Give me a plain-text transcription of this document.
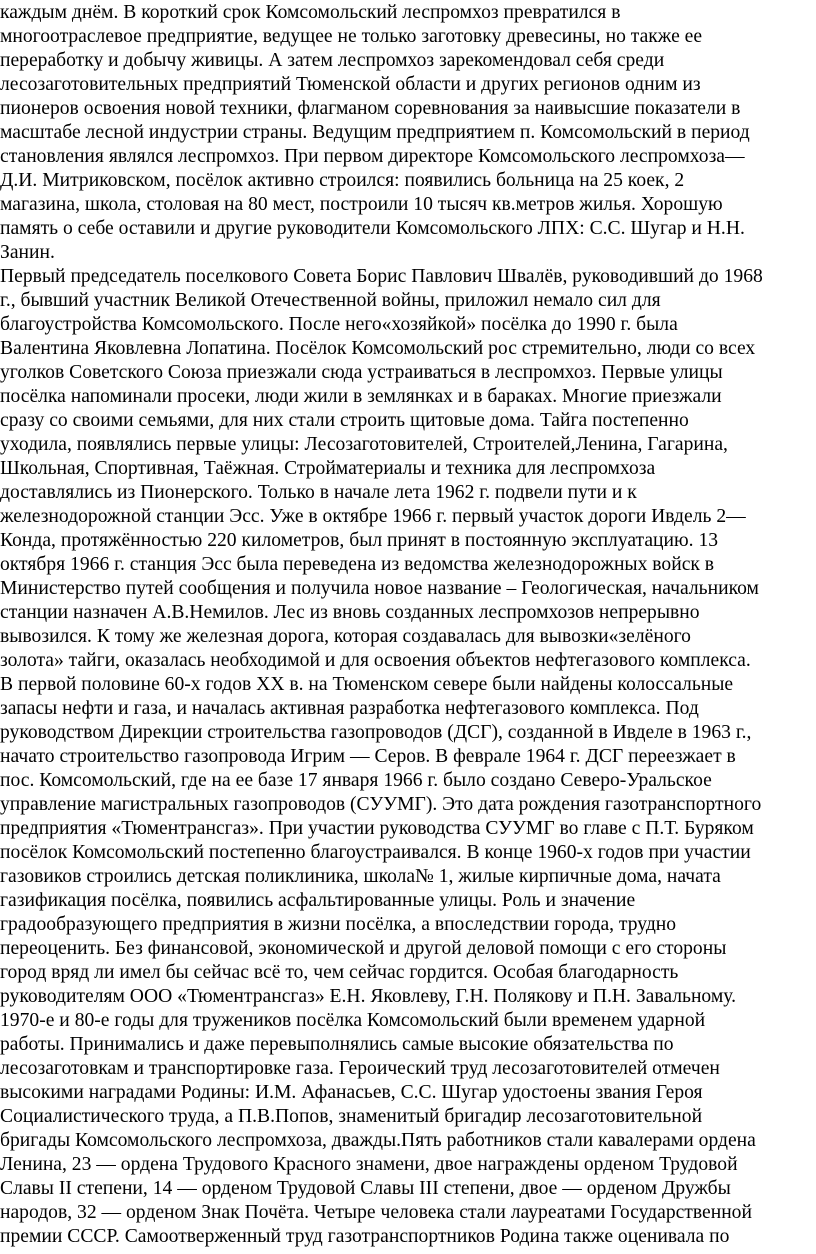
каждым днём. В короткий срок Комсомольский леспромхоз превратился в
многоотраслевое предприятие, ведущее не только заготовку древесины, но также ее
переработку и добычу живицы. А затем леспромхоз зарекомендовал себя среди
лесозаготовительных предприятий Тюменской области и других регионов одним из
пионеров освоения новой техники, флагманом соревнования за наивысшие показатели в
масштабе лесной индустрии страны. Ведущим предприятием п. Комсомольский в период
становления являлся леспромхоз. При первом директоре Комсомольского леспромхоза—
Д.И. Митриковском, посёлок активно строился: появились больница на 25 коек, 2
магазина, школа, столовая на 80 мест, построили 10 тысяч кв.метров жилья. Хорошую
память о себе оставили и другие руководители Комсомольского ЛПХ: С.С. Шугар и Н.Н.
Занин.
Первый председатель поселкового Совета Борис Павлович Швалёв, руководивший до 1968
г., бывший участник Великой Отечественной войны, приложил немало сил для
благоустройства Комсомольского. После него«хозяйкой» посёлка до 1990 г. была
Валентина Яковлевна Лопатина. Посёлок Комсомольский рос стремительно, люди со всех
уголков Советского Союза приезжали сюда устраиваться в леспромхоз. Первые улицы
посёлка напоминали просеки, люди жили в землянках и в бараках. Многие приезжали
сразу со своими семьями, для них стали строить щитовые дома. Тайга постепенно
уходила, появлялись первые улицы: Лесозаготовителей, Строителей,Ленина, Гагарина,
Школьная, Спортивная, Таёжная. Стройматериалы и техника для леспромхоза
доставлялись из Пионерского. Только в начале лета 1962 г. подвели пути и к
железнодорожной станции Эсс. Уже в октябре 1966 г. первый участок дороги Ивдель 2—
Конда, протяжённостью 220 километров, был принят в постоянную эксплуатацию. 13
октября 1966 г. станция Эсс была переведена из ведомства железнодорожных войск в
Министерство путей сообщения и получила новое название – Геологическая, начальником
станции назначен А.В.Немилов. Лес из вновь созданных леспромхозов непрерывно
вывозился. К тому же железная дорога, которая создавалась для вывозки«зелёного
золота» тайги, оказалась необходимой и для освоения объектов нефтегазового комплекса.
В первой половине 60-х годов XX в. на Тюменском севере были найдены колоссальные
запасы нефти и газа, и началась активная разработка нефтегазового комплекса. Под
руководством Дирекции строительства газопроводов (ДСГ), созданной в Ивделе в 1963 г.,
начато строительство газопровода Игрим — Серов. В феврале 1964 г. ДСГ переезжает в
пос. Комсомольский, где на ее базе 17 января 1966 г. было создано Северо-Уральское
управление магистральных газопроводов (СУУМГ). Это дата рождения газотранспортного
предприятия «Тюментрансгаз». При участии руководства СУУМГ во главе с П.Т. Буряком
посёлок Комсомольский постепенно благоустраивался. В конце 1960-х годов при участии
газовиков строились детская поликлиника, школа№ 1, жилые кирпичные дома, начата
газификация посёлка, появились асфальтированные улицы. Роль и значение
градообразующего предприятия в жизни посёлка, а впоследствии города, трудно
переоценить. Без финансовой, экономической и другой деловой помощи с его стороны
город вряд ли имел бы сейчас всё то, чем сейчас гордится. Особая благодарность
руководителям ООО «Тюментрансгаз» Е.Н. Яковлеву, Г.Н. Полякову и П.Н. Завальному.
1970-е и 80-е годы для тружеников посёлка Комсомольский были временем ударной
работы. Принимались и даже перевыполнялись самые высокие обязательства по
лесозаготовкам и транспортировке газа. Героический труд лесозаготовителей отмечен
высокими наградами Родины: И.М. Афанасьев, С.С. Шугар удостоены звания Героя
Социалистического труда, а П.В.Попов, знаменитый бригадир лесозаготовительной
бригады Комсомольского леспромхоза, дважды.Пять работников стали кавалерами ордена
Ленина, 23 — ордена Трудового Красного знамени, двое награждены орденом Трудовой
Славы II степени, 14 — орденом Трудовой Славы III степени, двое — орденом Дружбы
народов, 32 — орденом Знак Почёта. Четыре человека стали лауреатами Государственной
премии СССР. Самоотверженный труд газотранспортников Родина также оценивала по
